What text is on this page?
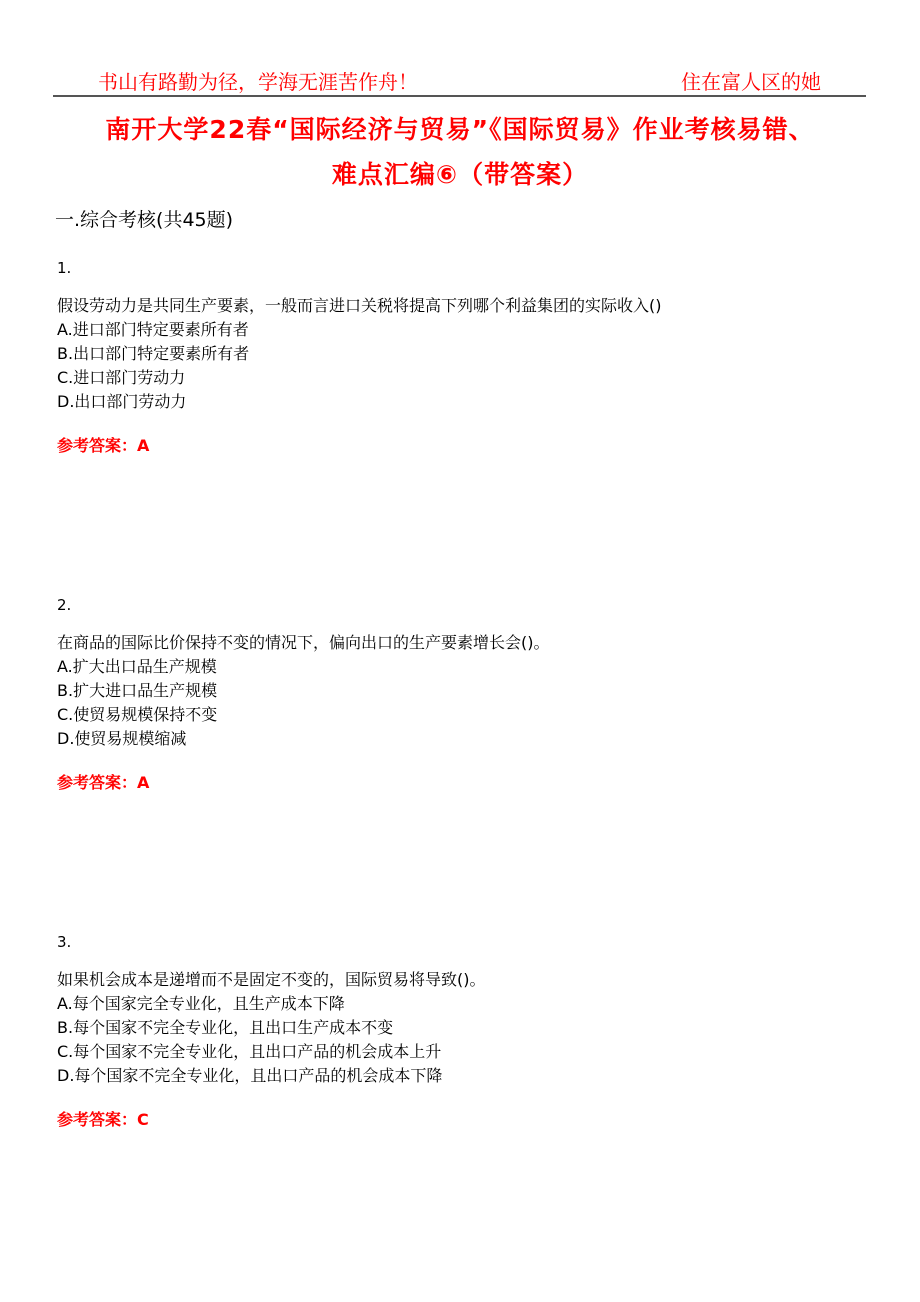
书山有路勤为径，学海无涯苦作舟！	住在富人区的她
南开大学22春“国际经济与贸易”《国际贸易》作业考核易错、
难点汇编⑥（带答案）
一.综合考核(共45题)
1.
假设劳动力是共同生产要素，一般而言进口关税将提高下列哪个利益集团的实际收入()
A.进口部门特定要素所有者
B.出口部门特定要素所有者
C.进口部门劳动力
D.出口部门劳动力
参考答案：A
2.
在商品的国际比价保持不变的情况下，偏向出口的生产要素增长会()。
A.扩大出口品生产规模
B.扩大进口品生产规模
C.使贸易规模保持不变
D.使贸易规模缩减
参考答案：A
3.
如果机会成本是递增而不是固定不变的，国际贸易将导致()。
A.每个国家完全专业化，且生产成本下降
B.每个国家不完全专业化，且出口生产成本不变
C.每个国家不完全专业化，且出口产品的机会成本上升
D.每个国家不完全专业化，且出口产品的机会成本下降
参考答案：C
